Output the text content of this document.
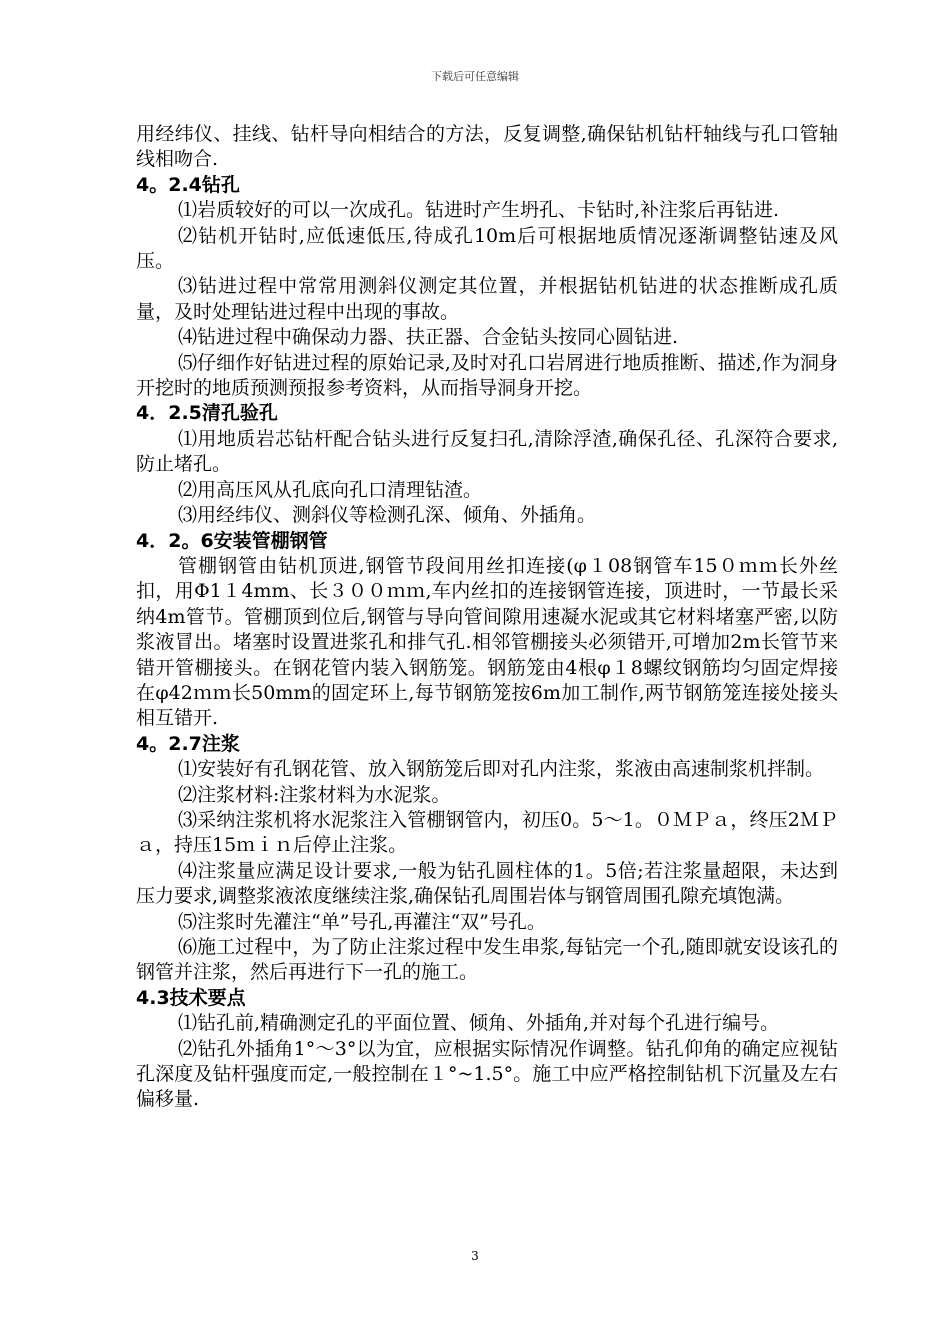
下载后可任意编辑

用经纬仪、挂线、钻杆导向相结合的方法，反复调整,确保钻机钻杆轴线与孔口管轴线相吻合.

4。2.4钻孔

⑴岩质较好的可以一次成孔。钻进时产生坍孔、卡钻时,补注浆后再钻进.

⑵钻机开钻时,应低速低压,待成孔10m后可根据地质情况逐渐调整钻速及风压。

⑶钻进过程中常常用测斜仪测定其位置，并根据钻机钻进的状态推断成孔质量，及时处理钻进过程中出现的事故。

⑷钻进过程中确保动力器、扶正器、合金钻头按同心圆钻进.

⑸仔细作好钻进过程的原始记录,及时对孔口岩屑进行地质推断、描述,作为洞身开挖时的地质预测预报参考资料，从而指导洞身开挖。

4．2.5清孔验孔

⑴用地质岩芯钻杆配合钻头进行反复扫孔,清除浮渣,确保孔径、孔深符合要求,防止堵孔。

⑵用高压风从孔底向孔口清理钻渣。

⑶用经纬仪、测斜仪等检测孔深、倾角、外插角。

4．2。6安装管棚钢管

管棚钢管由钻机顶进,钢管节段间用丝扣连接(φ１08钢管车15０ｍｍ长外丝扣，用Φ1１4mm、长３００ｍｍ,车内丝扣的连接钢管连接，顶进时，一节最长采纳4m管节。管棚顶到位后,钢管与导向管间隙用速凝水泥或其它材料堵塞严密,以防浆液冒出。堵塞时设置进浆孔和排气孔.相邻管棚接头必须错开,可增加2m长管节来错开管棚接头。在钢花管内装入钢筋笼。钢筋笼由4根φ１8螺纹钢筋均匀固定焊接在φ42ｍｍ长50mm的固定环上,每节钢筋笼按6m加工制作,两节钢筋笼连接处接头相互错开.

4。2.7注浆

⑴安装好有孔钢花管、放入钢筋笼后即对孔内注浆，浆液由高速制浆机拌制。

⑵注浆材料:注浆材料为水泥浆。

⑶采纳注浆机将水泥浆注入管棚钢管内，初压0。5～1。０ＭＰａ，终压2ＭＰａ，持压15ｍｉｎ后停止注浆。

⑷注浆量应满足设计要求,一般为钻孔圆柱体的1。5倍;若注浆量超限，未达到压力要求,调整浆液浓度继续注浆,确保钻孔周围岩体与钢管周围孔隙充填饱满。

⑸注浆时先灌注“单”号孔,再灌注“双”号孔。

⑹施工过程中，为了防止注浆过程中发生串浆,每钻完一个孔,随即就安设该孔的钢管并注浆，然后再进行下一孔的施工。

4.3技术要点

⑴钻孔前,精确测定孔的平面位置、倾角、外插角,并对每个孔进行编号。

⑵钻孔外插角1°～3°以为宜，应根据实际情况作调整。钻孔仰角的确定应视钻孔深度及钻杆强度而定,一般控制在１°~1.5°。施工中应严格控制钻机下沉量及左右偏移量.

3
